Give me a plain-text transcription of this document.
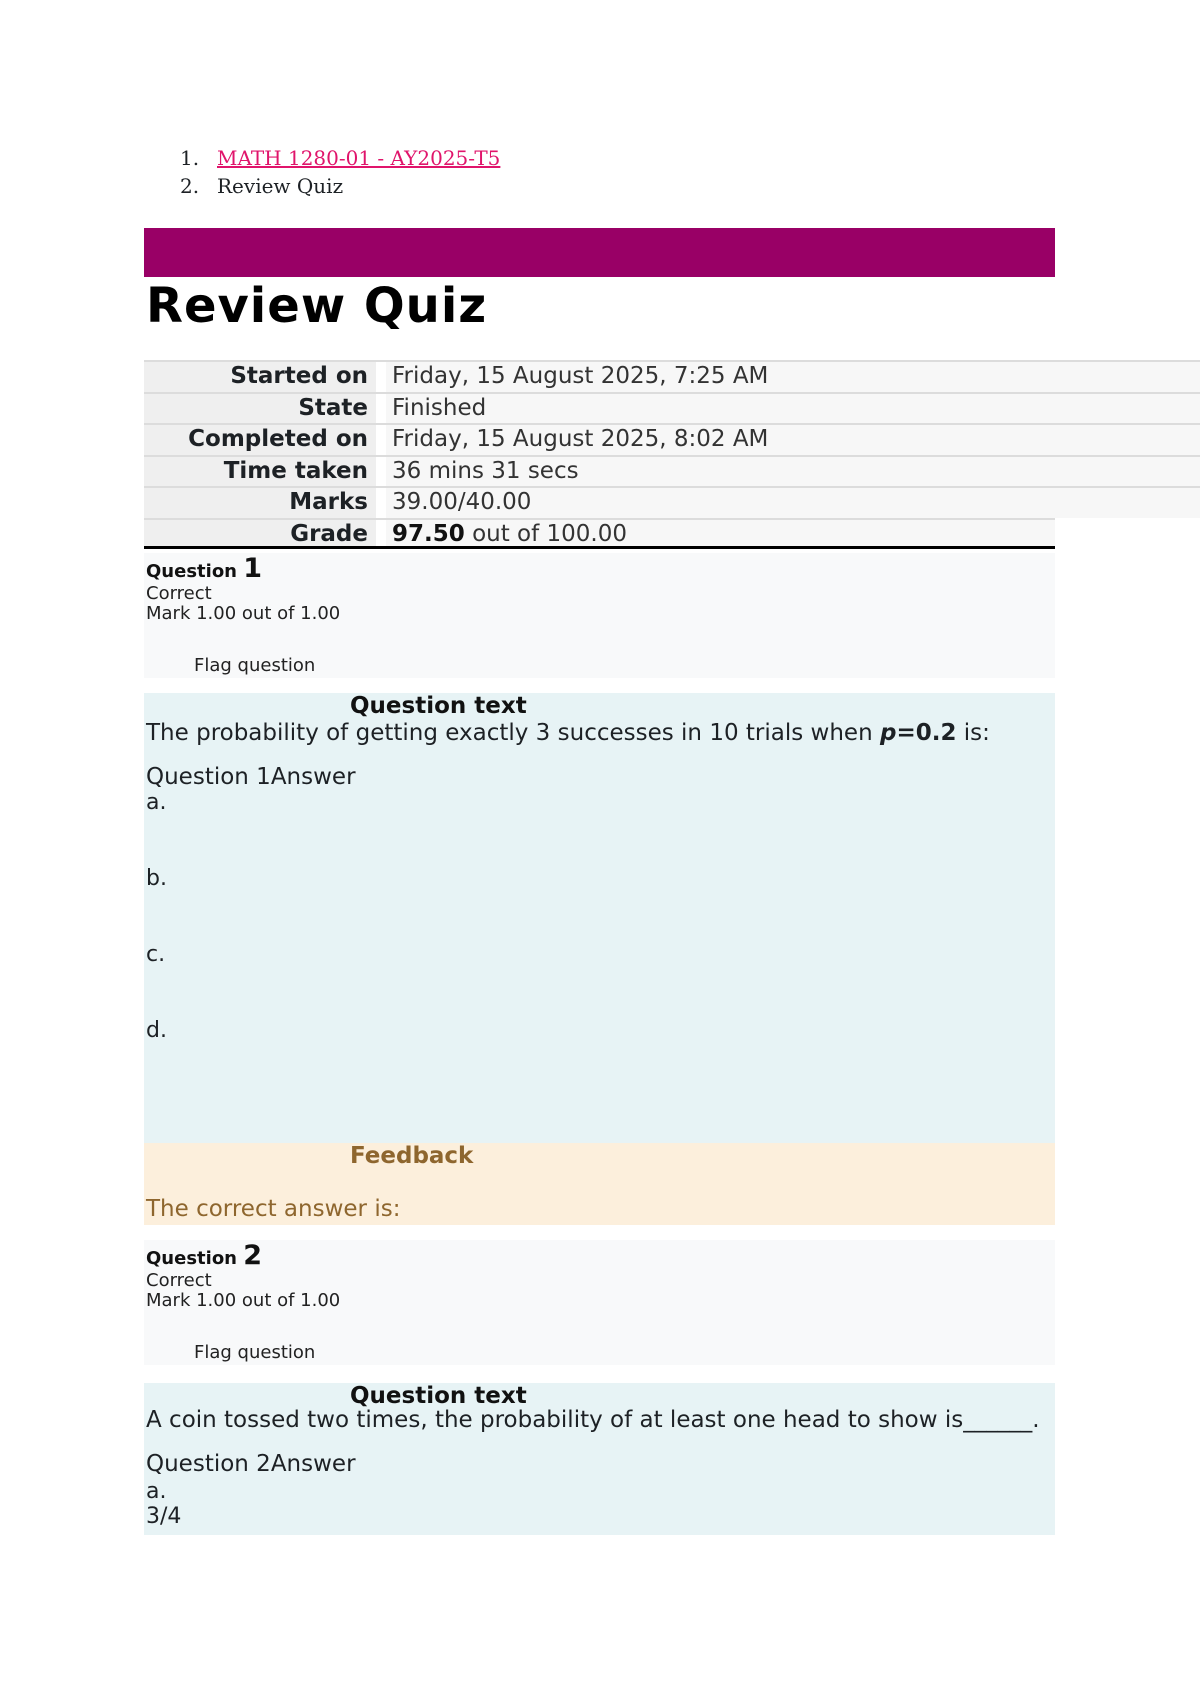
1. MATH 1280-01 - AY2025-T5
2. Review Quiz
Review Quiz
Started on	Friday, 15 August 2025, 7:25 AM
State	Finished
Completed on	Friday, 15 August 2025, 8:02 AM
Time taken	36 mins 31 secs
Marks	39.00/40.00
Grade	97.50 out of 100.00
Question 1
Correct
Mark 1.00 out of 1.00
Flag question
Question text
The probability of getting exactly 3 successes in 10 trials when p=0.2 is:
Question 1Answer
a.
b.
c.
d.
Feedback
The correct answer is:
Question 2
Correct
Mark 1.00 out of 1.00
Flag question
Question text
A coin tossed two times, the probability of at least one head to show is______.
Question 2Answer
a.
3/4
